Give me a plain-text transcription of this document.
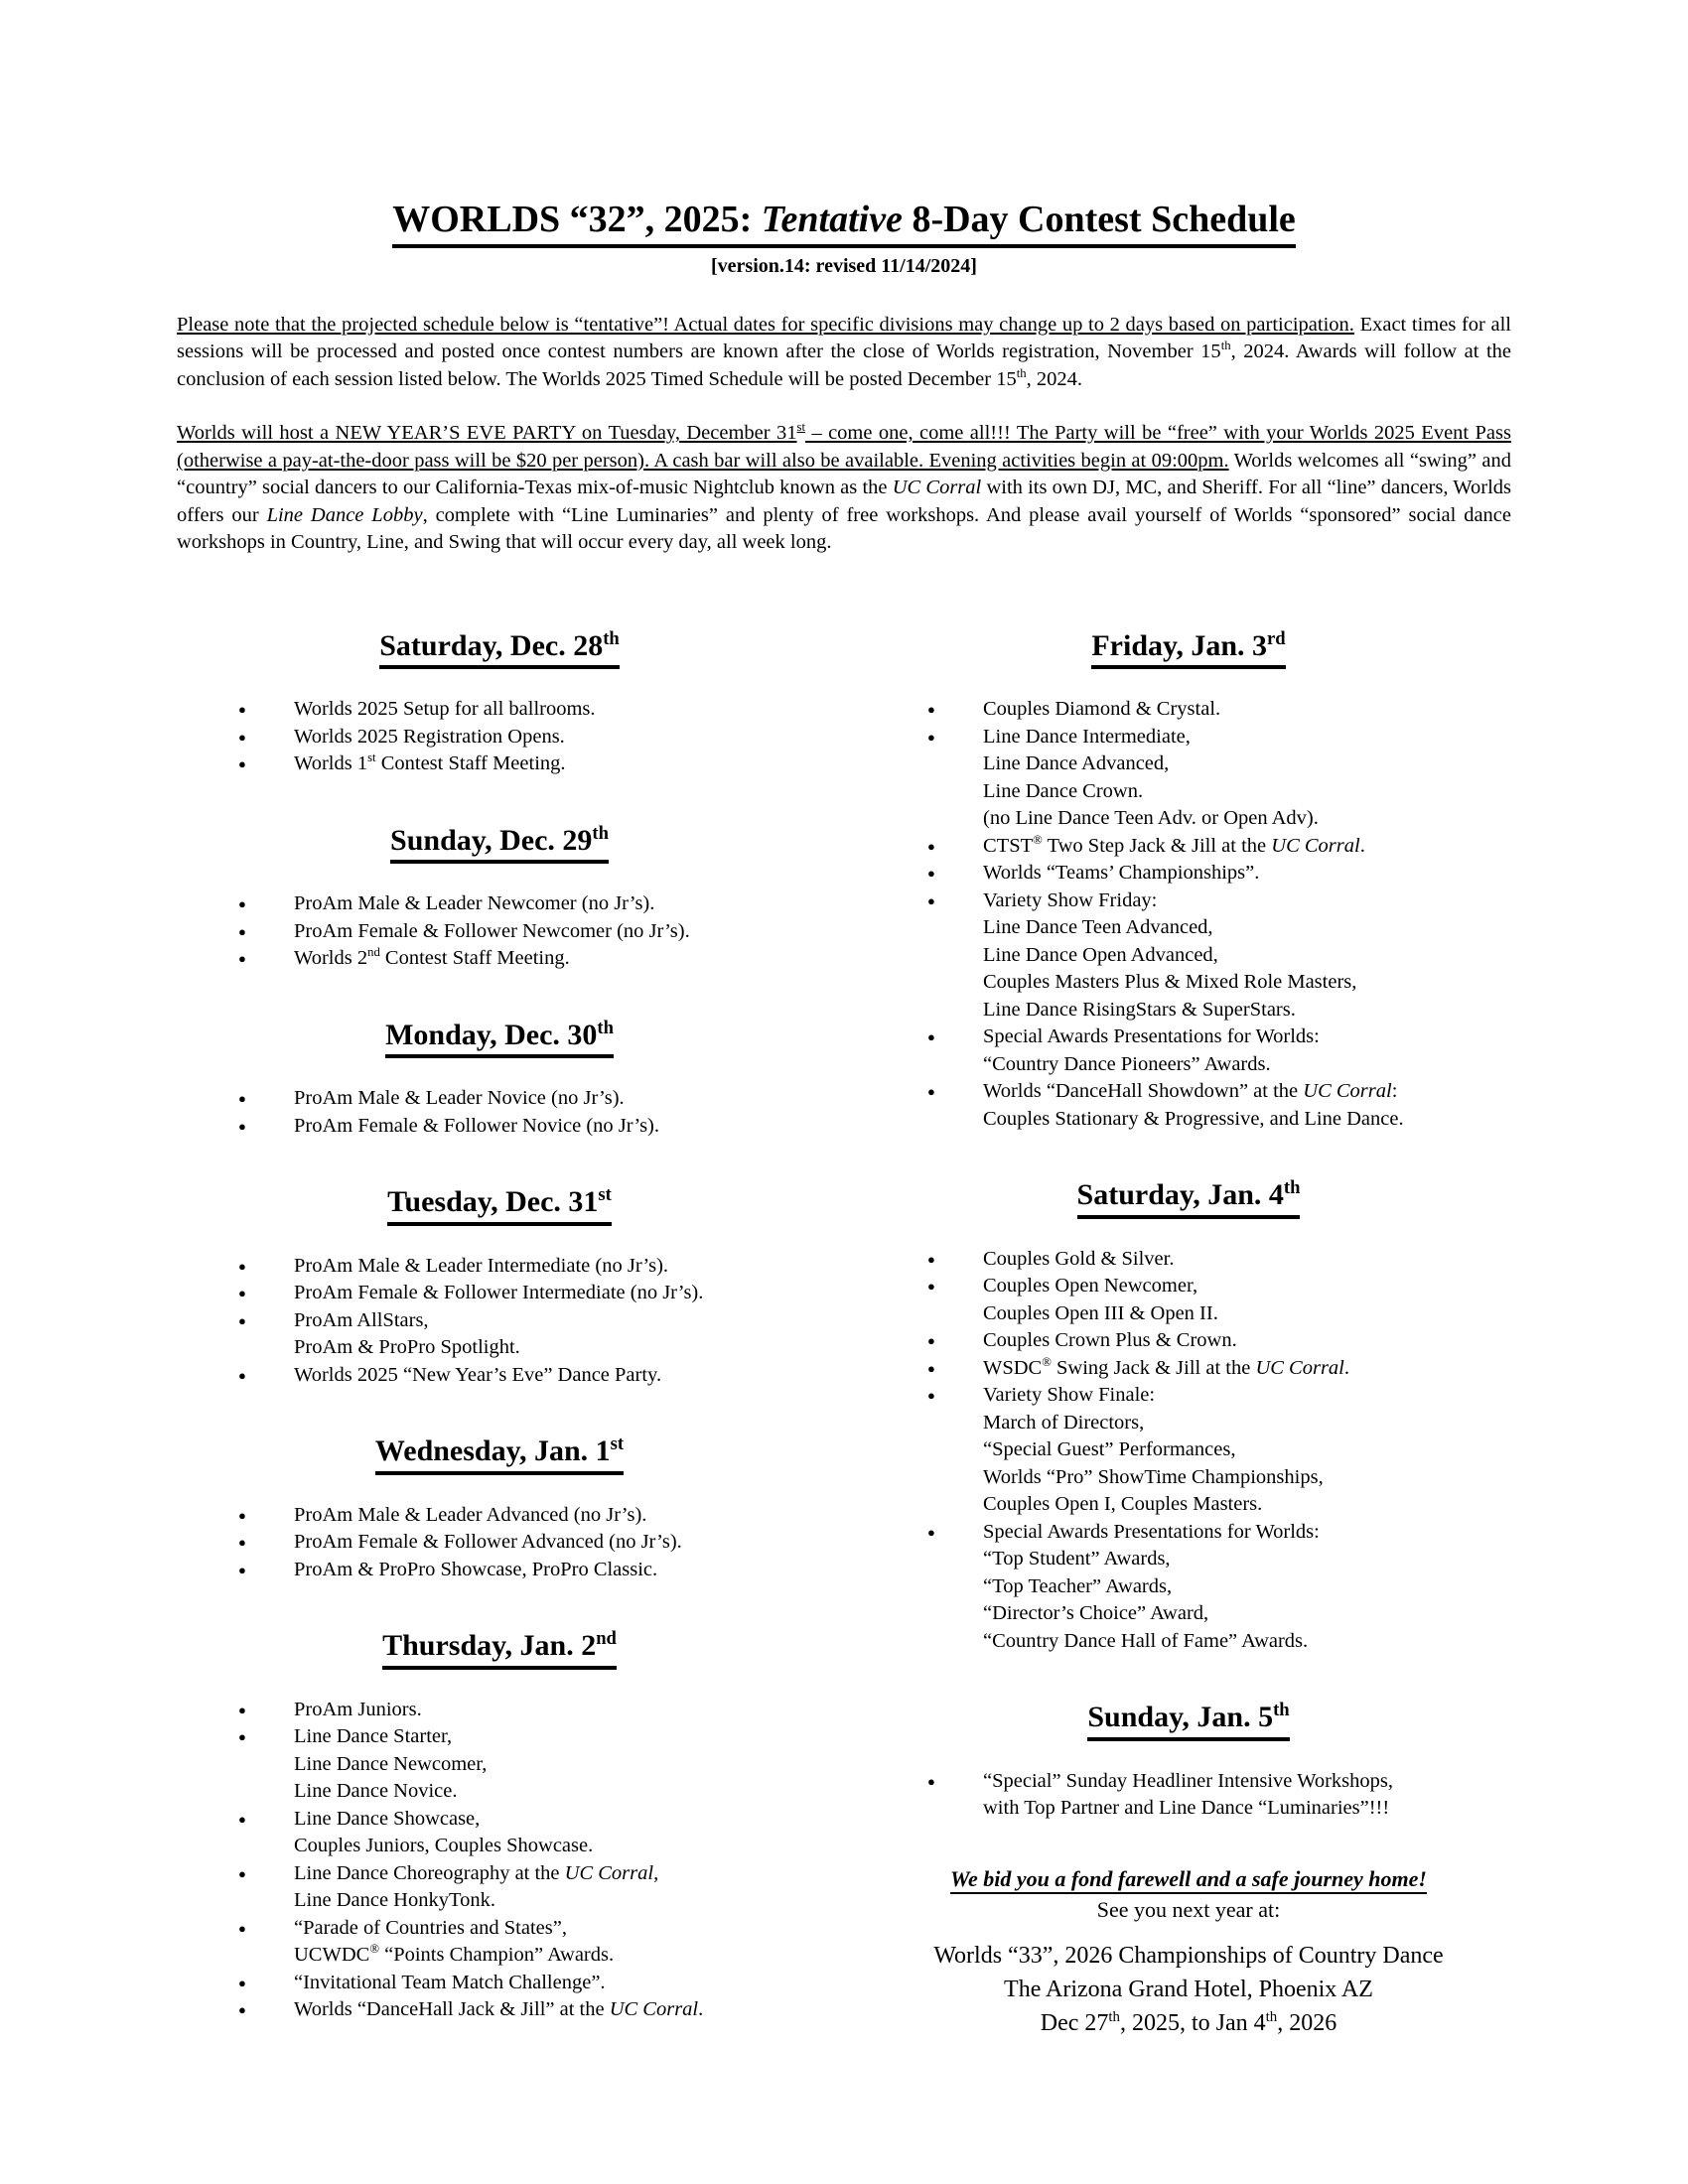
WORLDS “32”, 2025: Tentative 8-Day Contest Schedule
[version.14: revised 11/14/2024]

Please note that the projected schedule below is “tentative”! Actual dates for specific divisions may change up to 2 days based on participation. Exact times for all sessions will be processed and posted once contest numbers are known after the close of Worlds registration, November 15th, 2024. Awards will follow at the conclusion of each session listed below. The Worlds 2025 Timed Schedule will be posted December 15th, 2024.

Worlds will host a NEW YEAR’S EVE PARTY on Tuesday, December 31st – come one, come all!!! The Party will be “free” with your Worlds 2025 Event Pass (otherwise a pay-at-the-door pass will be $20 per person). A cash bar will also be available. Evening activities begin at 09:00pm. Worlds welcomes all “swing” and “country” social dancers to our California-Texas mix-of-music Nightclub known as the UC Corral with its own DJ, MC, and Sheriff. For all “line” dancers, Worlds offers our Line Dance Lobby, complete with “Line Luminaries” and plenty of free workshops. And please avail yourself of Worlds “sponsored” social dance workshops in Country, Line, and Swing that will occur every day, all week long.

Saturday, Dec. 28th
●	Worlds 2025 Setup for all ballrooms.
●	Worlds 2025 Registration Opens.
●	Worlds 1st Contest Staff Meeting.
Sunday, Dec. 29th
●	ProAm Male & Leader Newcomer (no Jr’s).
●	ProAm Female & Follower Newcomer (no Jr’s).
●	Worlds 2nd Contest Staff Meeting.
Monday, Dec. 30th
●	ProAm Male & Leader Novice (no Jr’s).
●	ProAm Female & Follower Novice (no Jr’s).
Tuesday, Dec. 31st
●	ProAm Male & Leader Intermediate (no Jr’s).
●	ProAm Female & Follower Intermediate (no Jr’s).
●	ProAm AllStars,
ProAm & ProPro Spotlight.
●	Worlds 2025 “New Year’s Eve” Dance Party.
Wednesday, Jan. 1st
●	ProAm Male & Leader Advanced (no Jr’s).
●	ProAm Female & Follower Advanced (no Jr’s).
●	ProAm & ProPro Showcase, ProPro Classic.
Thursday, Jan. 2nd
●	ProAm Juniors.
●	Line Dance Starter,
Line Dance Newcomer,
Line Dance Novice.
●	Line Dance Showcase,
Couples Juniors, Couples Showcase.
●	Line Dance Choreography at the UC Corral,
Line Dance HonkyTonk.
●	“Parade of Countries and States”,
UCWDC® “Points Champion” Awards.
●	“Invitational Team Match Challenge”.
●	Worlds “DanceHall Jack & Jill” at the UC Corral.
Friday, Jan. 3rd
●	Couples Diamond & Crystal.
●	Line Dance Intermediate,
Line Dance Advanced,
Line Dance Crown.
(no Line Dance Teen Adv. or Open Adv).
●	CTST® Two Step Jack & Jill at the UC Corral.
●	Worlds “Teams’ Championships”.
●	Variety Show Friday:
Line Dance Teen Advanced,
Line Dance Open Advanced,
Couples Masters Plus & Mixed Role Masters,
Line Dance RisingStars & SuperStars.
●	Special Awards Presentations for Worlds:
“Country Dance Pioneers” Awards.
●	Worlds “DanceHall Showdown” at the UC Corral:
Couples Stationary & Progressive, and Line Dance.
Saturday, Jan. 4th
●	Couples Gold & Silver.
●	Couples Open Newcomer,
Couples Open III & Open II.
●	Couples Crown Plus & Crown.
●	WSDC® Swing Jack & Jill at the UC Corral.
●	Variety Show Finale:
March of Directors,
“Special Guest” Performances,
Worlds “Pro” ShowTime Championships,
Couples Open I, Couples Masters.
●	Special Awards Presentations for Worlds:
“Top Student” Awards,
“Top Teacher” Awards,
“Director’s Choice” Award,
“Country Dance Hall of Fame” Awards.
Sunday, Jan. 5th
●	“Special” Sunday Headliner Intensive Workshops,
with Top Partner and Line Dance “Luminaries”!!!
We bid you a fond farewell and a safe journey home!
See you next year at:
Worlds “33”, 2026 Championships of Country Dance
The Arizona Grand Hotel, Phoenix AZ
Dec 27th, 2025, to Jan 4th, 2026
